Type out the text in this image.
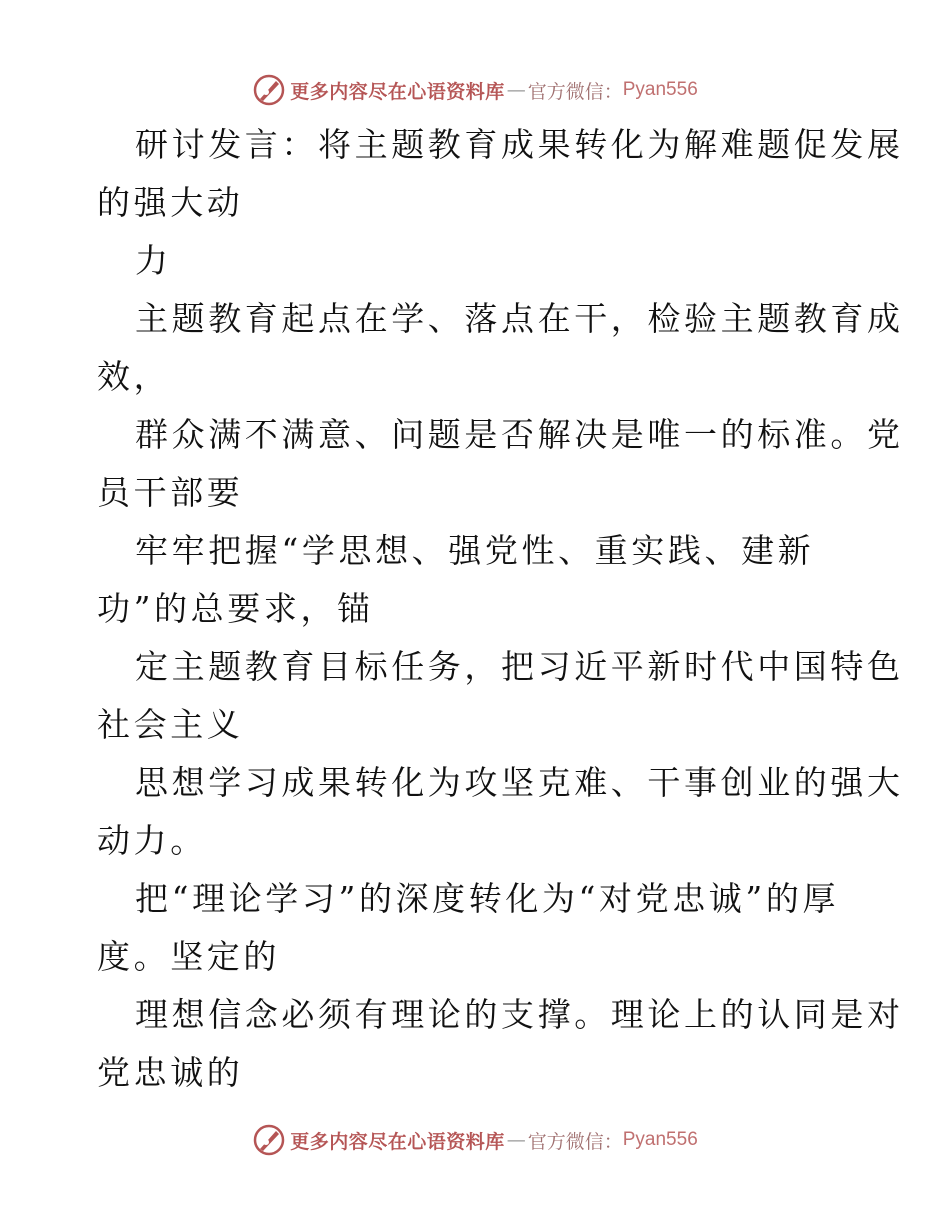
更多内容尽在心语资料库 — 官方微信： Pyan556
研讨发言：将主题教育成果转化为解难题促发展
的强大动
力
主题教育起点在学、落点在干，检验主题教育成
效，
群众满不满意、问题是否解决是唯一的标准。党
员干部要
牢牢把握“学思想、强党性、重实践、建新
功”的总要求，锚
定主题教育目标任务，把习近平新时代中国特色
社会主义
思想学习成果转化为攻坚克难、干事创业的强大
动力。
把“理论学习”的深度转化为“对党忠诚”的厚
度。坚定的
理想信念必须有理论的支撑。理论上的认同是对
党忠诚的
更多内容尽在心语资料库 — 官方微信： Pyan556
